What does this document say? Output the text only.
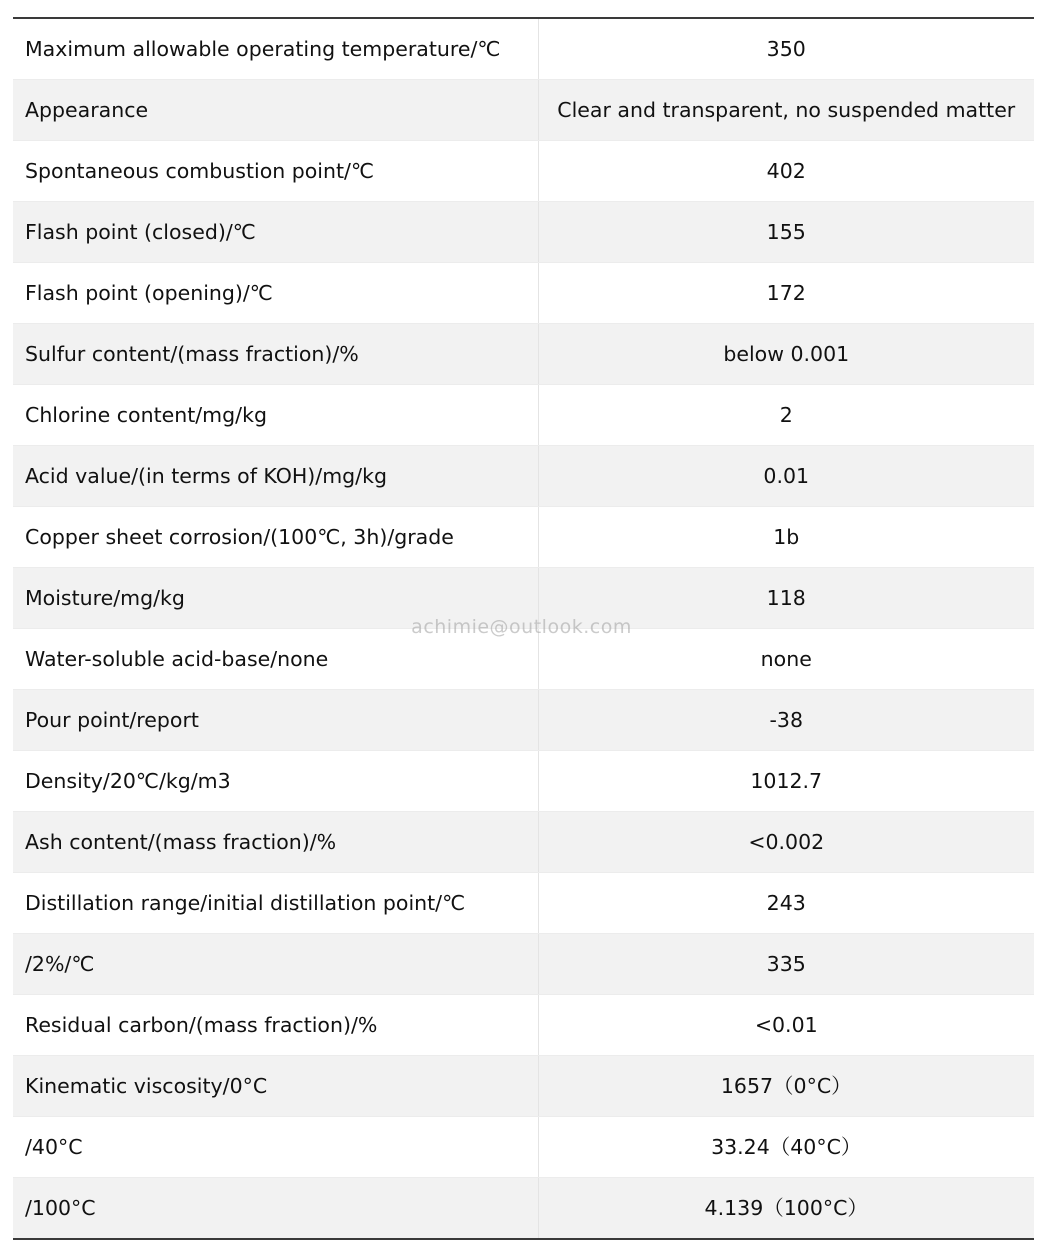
Maximum allowable operating temperature/℃	350
Appearance	Clear and transparent, no suspended matter
Spontaneous combustion point/℃	402
Flash point (closed)/℃	155
Flash point (opening)/℃	172
Sulfur content/(mass fraction)/%	below 0.001
Chlorine content/mg/kg	2
Acid value/(in terms of KOH)/mg/kg	0.01
Copper sheet corrosion/(100℃, 3h)/grade	1b
Moisture/mg/kg	118
Water-soluble acid-base/none	none
Pour point/report	-38
Density/20℃/kg/m3	1012.7
Ash content/(mass fraction)/%	<0.002
Distillation range/initial distillation point/℃	243
/2%/℃	335
Residual carbon/(mass fraction)/%	<0.01
Kinematic viscosity/0°C	1657（0°C）
/40°C	33.24（40°C）
/100°C	4.139（100°C）
achimie@outlook.com
